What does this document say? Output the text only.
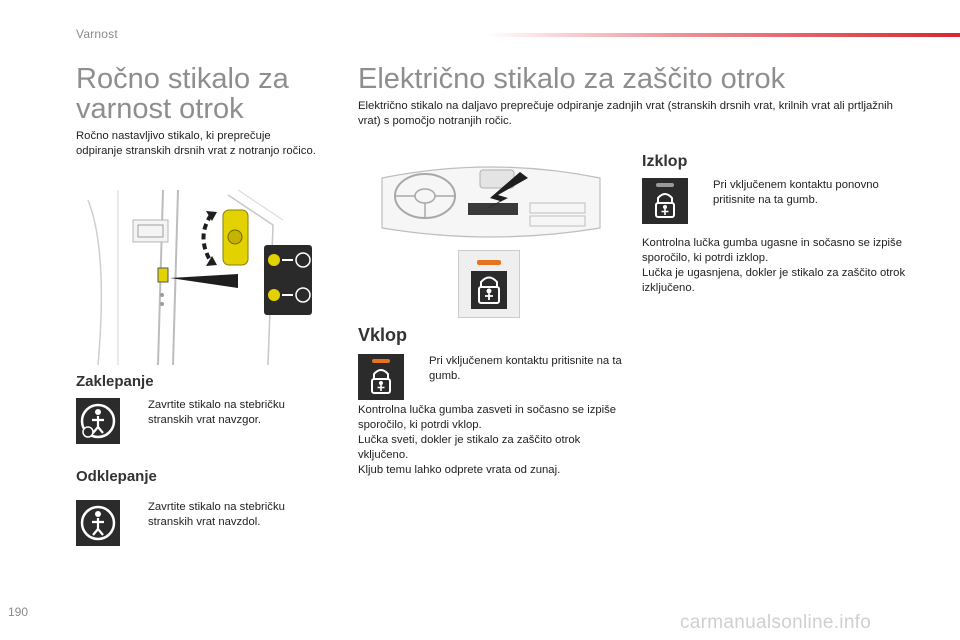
Varnost
Ročno stikalo za
varnost otrok
Ročno nastavljivo stikalo, ki preprečuje odpiranje stranskih drsnih vrat z notranjo ročico.
Zaklepanje
Zavrtite stikalo na stebričku stranskih vrat navzgor.
Odklepanje
Zavrtite stikalo na stebričku stranskih vrat navzdol.
Električno stikalo za zaščito otrok
Električno stikalo na daljavo preprečuje odpiranje zadnjih vrat (stranskih drsnih vrat, krilnih vrat ali prtljažnih vrat) s pomočjo notranjih ročic.
Vklop
Pri vključenem kontaktu pritisnite na ta gumb.
Kontrolna lučka gumba zasveti in sočasno se izpiše sporočilo, ki potrdi vklop.
Lučka sveti, dokler je stikalo za zaščito otrok vključeno.
Kljub temu lahko odprete vrata od zunaj.
Izklop
Pri vključenem kontaktu ponovno pritisnite na ta gumb.
Kontrolna lučka gumba ugasne in sočasno se izpiše sporočilo, ki potrdi izklop.
Lučka je ugasnjena, dokler je stikalo za zaščito otrok izključeno.
190	carmanualsonline.info
